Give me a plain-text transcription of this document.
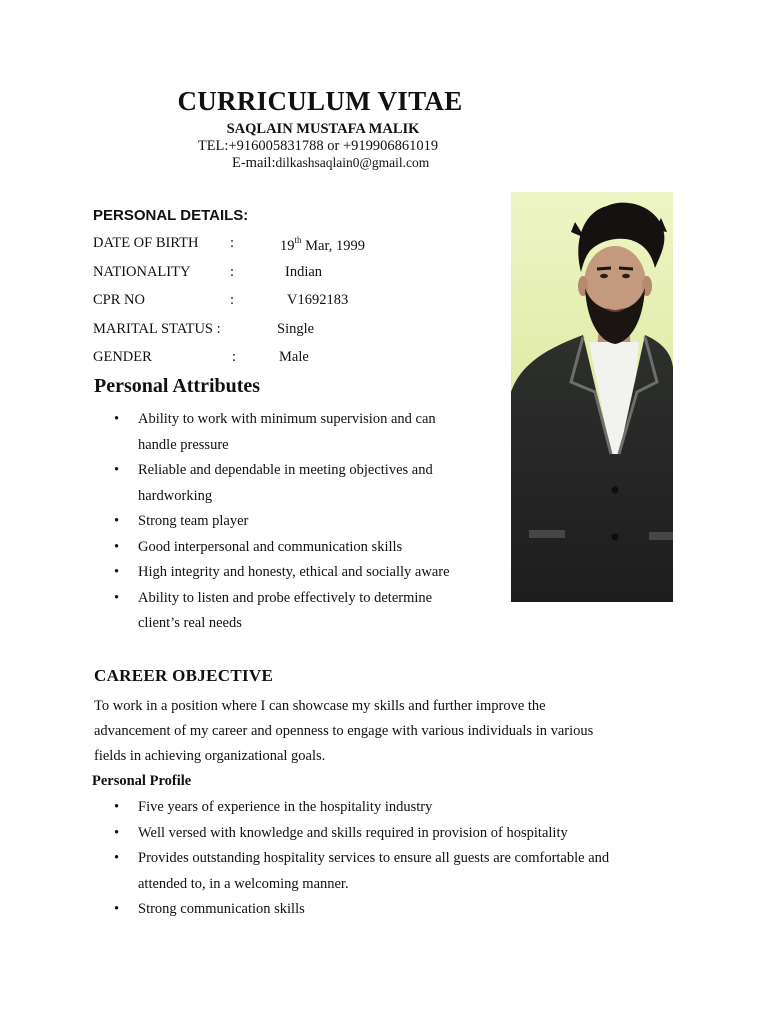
CURRICULUM VITAE
SAQLAIN MUSTAFA MALIK
TEL:+916005831788 or +919906861019
E-mail:dilkashsaqlain0@gmail.com
PERSONAL DETAILS:
DATE OF BIRTH :	19th Mar, 1999
NATIONALITY	:	Indian
CPR NO	:	V1692183
MARITAL STATUS :	Single
GENDER	:	Male
Personal Attributes
• Ability to work with minimum supervision and can
handle pressure
• Reliable and dependable in meeting objectives and
hardworking
• Strong team player
• Good interpersonal and communication skills
• High integrity and honesty, ethical and socially aware
• Ability to listen and probe effectively to determine
client’s real needs
CAREER OBJECTIVE
To work in a position where I can showcase my skills and further improve the
advancement of my career and openness to engage with various individuals in various
fields in achieving organizational goals.
Personal Profile
• Five years of experience in the hospitality industry
• Well versed with knowledge and skills required in provision of hospitality
• Provides outstanding hospitality services to ensure all guests are comfortable and
attended to, in a welcoming manner.
• Strong communication skills
